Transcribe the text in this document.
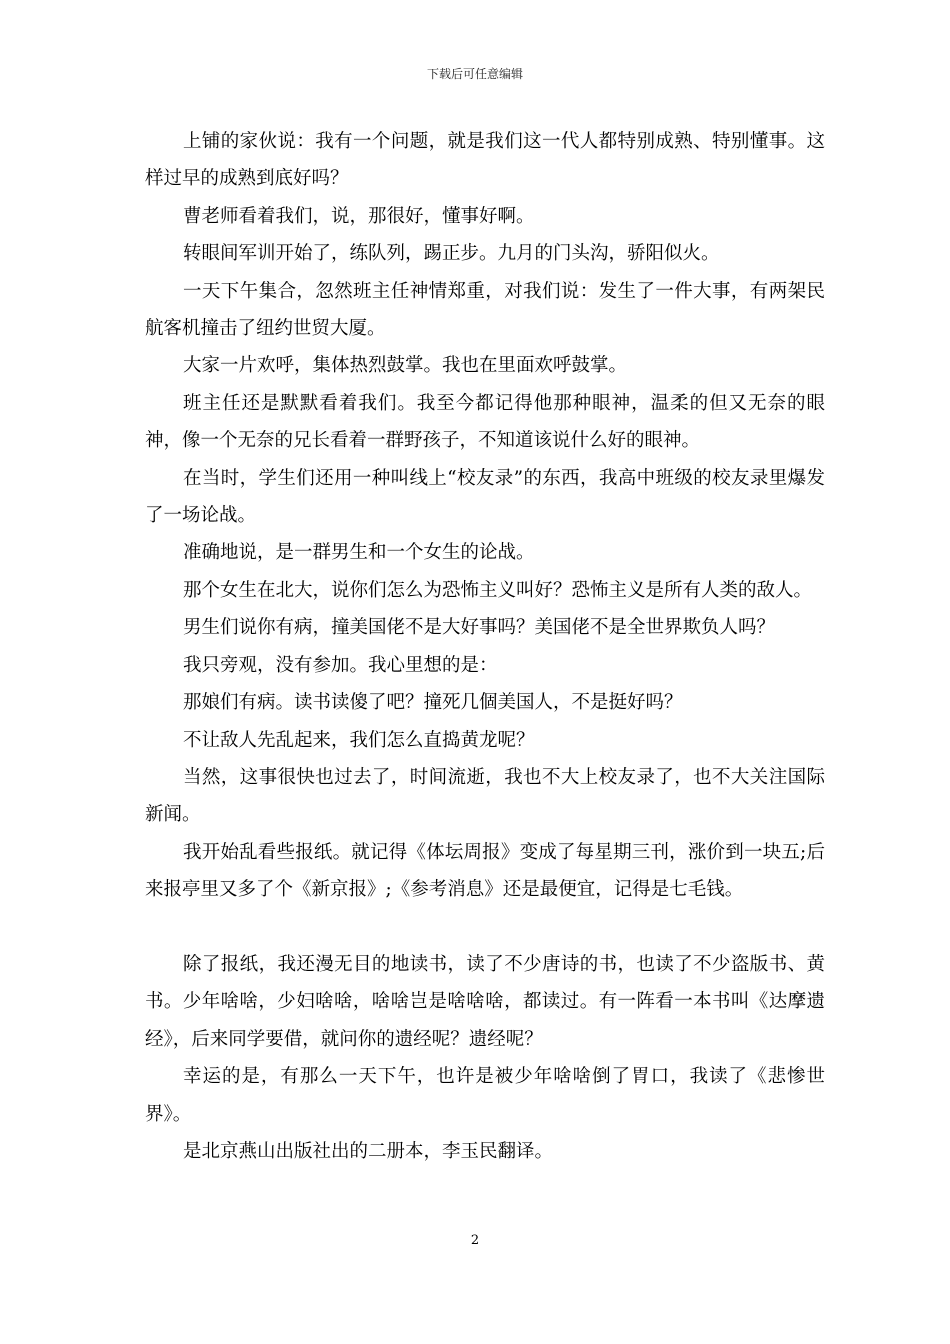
下载后可任意编辑

上铺的家伙说：我有一个问题，就是我们这一代人都特别成熟、特别懂事。这样过早的成熟到底好吗？

曹老师看着我们，说，那很好，懂事好啊。

转眼间军训开始了，练队列，踢正步。九月的门头沟，骄阳似火。

一天下午集合，忽然班主任神情郑重，对我们说：发生了一件大事，有两架民航客机撞击了纽约世贸大厦。

大家一片欢呼，集体热烈鼓掌。我也在里面欢呼鼓掌。

班主任还是默默看着我们。我至今都记得他那种眼神，温柔的但又无奈的眼神，像一个无奈的兄长看着一群野孩子，不知道该说什么好的眼神。

在当时，学生们还用一种叫线上“校友录”的东西，我高中班级的校友录里爆发了一场论战。

准确地说，是一群男生和一个女生的论战。

那个女生在北大，说你们怎么为恐怖主义叫好？恐怖主义是所有人类的敌人。

男生们说你有病，撞美国佬不是大好事吗？美国佬不是全世界欺负人吗？

我只旁观，没有参加。我心里想的是：

那娘们有病。读书读傻了吧？撞死几個美国人，不是挺好吗？

不让敌人先乱起来，我们怎么直捣黄龙呢？

当然，这事很快也过去了，时间流逝，我也不大上校友录了，也不大关注国际新闻。

我开始乱看些报纸。就记得《体坛周报》变成了每星期三刊，涨价到一块五;后来报亭里又多了个《新京报》;《参考消息》还是最便宜，记得是七毛钱。

除了报纸，我还漫无目的地读书，读了不少唐诗的书，也读了不少盗版书、黄书。少年啥啥，少妇啥啥，啥啥岂是啥啥啥，都读过。有一阵看一本书叫《达摩遗经》，后来同学要借，就问你的遗经呢？遗经呢？

幸运的是，有那么一天下午，也许是被少年啥啥倒了胃口，我读了《悲惨世界》。

是北京燕山出版社出的二册本，李玉民翻译。

2
